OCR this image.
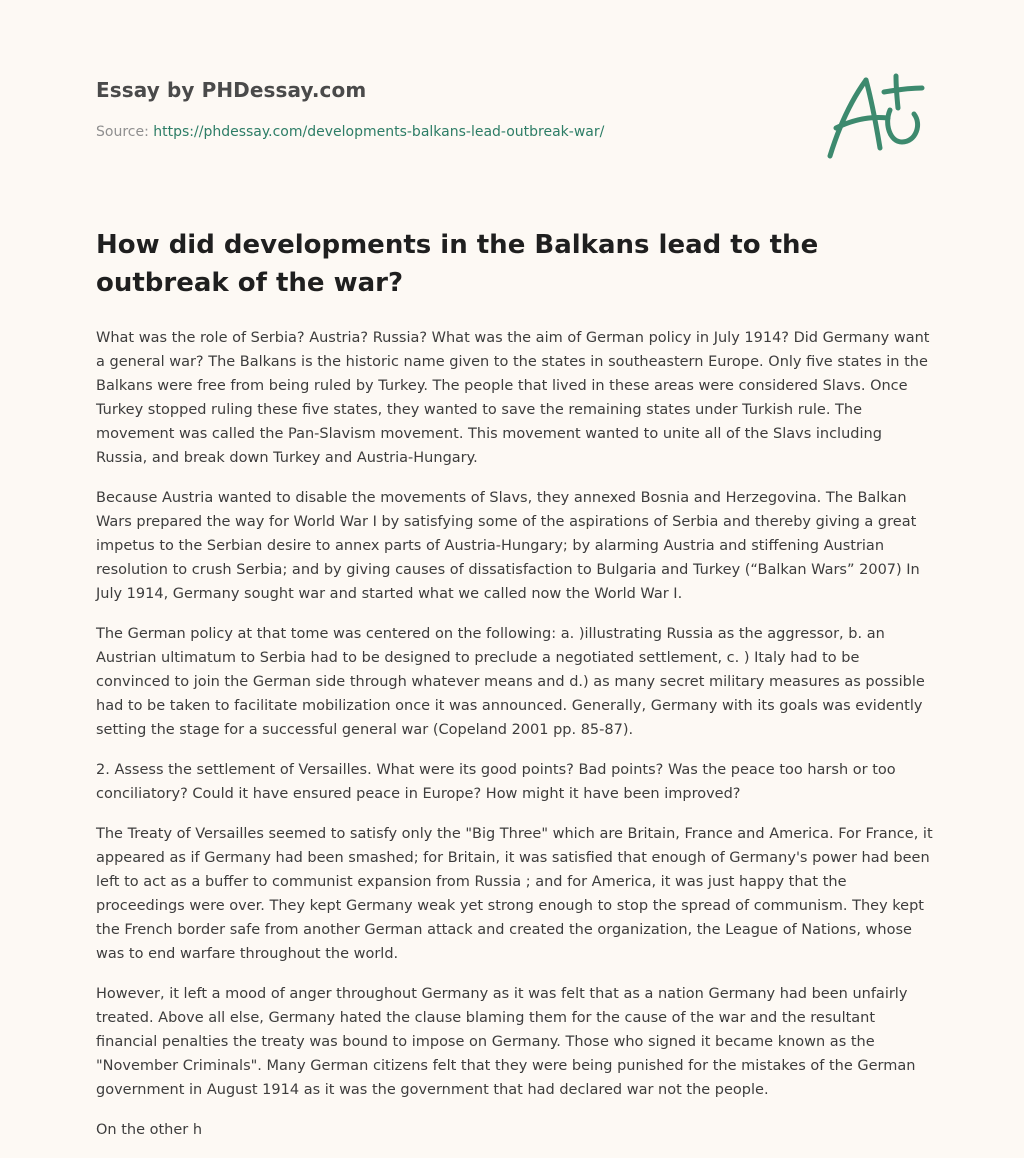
Essay by PHDessay.com
Source: https://phdessay.com/developments-balkans-lead-outbreak-war/
How did developments in the Balkans lead to the outbreak of the war?

What was the role of Serbia? Austria? Russia? What was the aim of German policy in July 1914? Did Germany want a general war? The Balkans is the historic name given to the states in southeastern Europe. Only five states in the Balkans were free from being ruled by Turkey. The people that lived in these areas were considered Slavs. Once Turkey stopped ruling these five states, they wanted to save the remaining states under Turkish rule. The movement was called the Pan-Slavism movement. This movement wanted to unite all of the Slavs including Russia, and break down Turkey and Austria-Hungary.

Because Austria wanted to disable the movements of Slavs, they annexed Bosnia and Herzegovina. The Balkan Wars prepared the way for World War I by satisfying some of the aspirations of Serbia and thereby giving a great impetus to the Serbian desire to annex parts of Austria-Hungary; by alarming Austria and stiffening Austrian resolution to crush Serbia; and by giving causes of dissatisfaction to Bulgaria and Turkey (“Balkan Wars” 2007) In July 1914, Germany sought war and started what we called now the World War I.

The German policy at that tome was centered on the following: a. )illustrating Russia as the aggressor, b. an Austrian ultimatum to Serbia had to be designed to preclude a negotiated settlement, c. ) Italy had to be convinced to join the German side through whatever means and d.) as many secret military measures as possible had to be taken to facilitate mobilization once it was announced. Generally, Germany with its goals was evidently setting the stage for a successful general war (Copeland 2001 pp. 85-87).

2. Assess the settlement of Versailles. What were its good points? Bad points? Was the peace too harsh or too conciliatory? Could it have ensured peace in Europe? How might it have been improved?

The Treaty of Versailles seemed to satisfy only the "Big Three" which are Britain, France and America. For France, it appeared as if Germany had been smashed; for Britain, it was satisfied that enough of Germany's power had been left to act as a buffer to communist expansion from Russia ; and for America, it was just happy that the proceedings were over. They kept Germany weak yet strong enough to stop the spread of communism. They kept the French border safe from another German attack and created the organization, the League of Nations, whose was to end warfare throughout the world.

However, it left a mood of anger throughout Germany as it was felt that as a nation Germany had been unfairly treated. Above all else, Germany hated the clause blaming them for the cause of the war and the resultant financial penalties the treaty was bound to impose on Germany. Those who signed it became known as the "November Criminals". Many German citizens felt that they were being punished for the mistakes of the German government in August 1914 as it was the government that had declared war not the people.

On the other h
